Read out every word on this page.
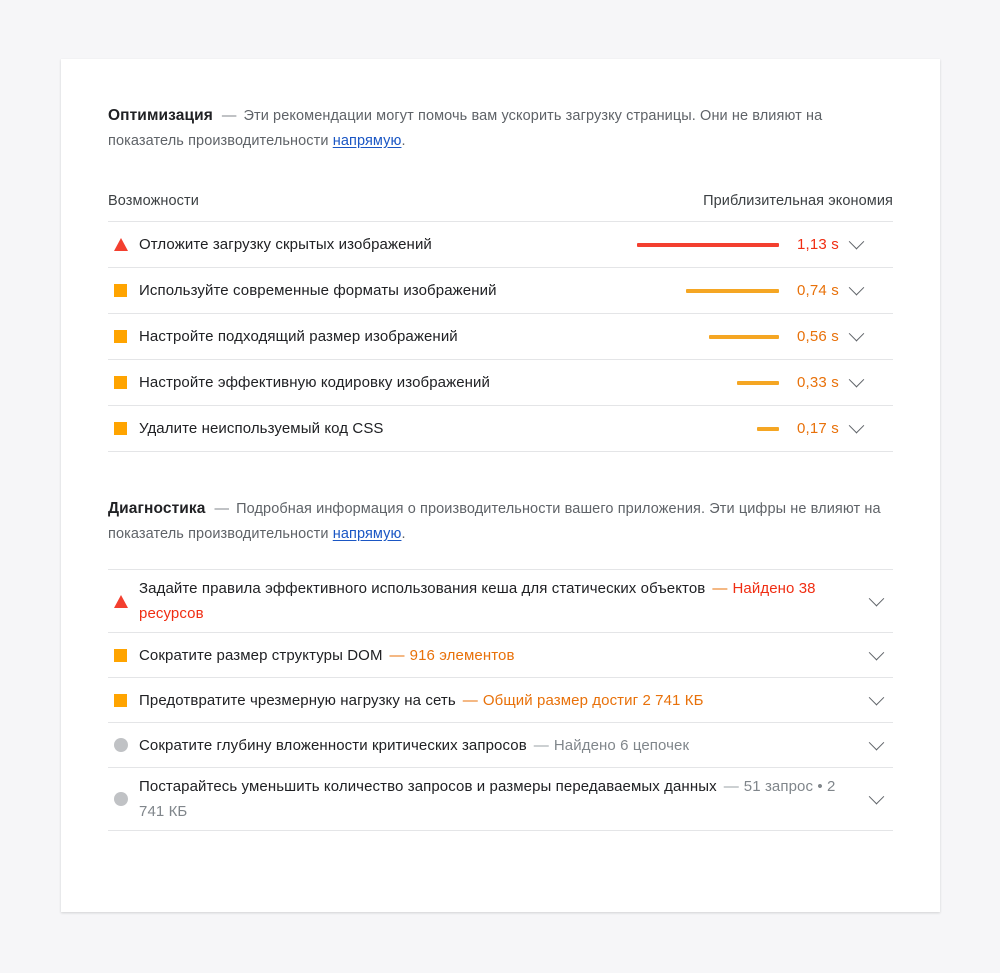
Оптимизация — Эти рекомендации могут помочь вам ускорить загрузку страницы. Они не влияют на показатель производительности напрямую.
Возможности	Приблизительная экономия
Отложите загрузку скрытых изображений	1,13 s
Используйте современные форматы изображений	0,74 s
Настройте подходящий размер изображений	0,56 s
Настройте эффективную кодировку изображений	0,33 s
Удалите неиспользуемый код CSS	0,17 s
Диагностика — Подробная информация о производительности вашего приложения. Эти цифры не влияют на показатель производительности напрямую.
Задайте правила эффективного использования кеша для статических объектов — Найдено 38 ресурсов
Сократите размер структуры DOM — 916 элементов
Предотвратите чрезмерную нагрузку на сеть — Общий размер достиг 2 741 КБ
Сократите глубину вложенности критических запросов — Найдено 6 цепочек
Постарайтесь уменьшить количество запросов и размеры передаваемых данных — 51 запрос • 2 741 КБ
